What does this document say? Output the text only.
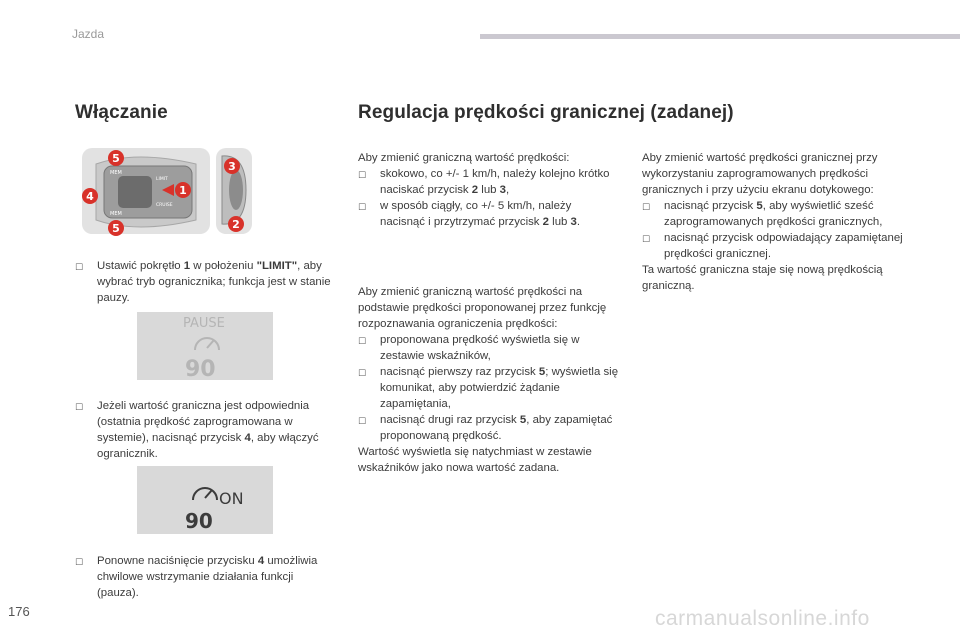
Jazda
Włączanie
MEM
MEM
LIMIT
CRUISE
5
4
5
1
3
2
☐	Ustawić pokrętło 1 w położeniu "LIMIT", aby wybrać tryb ogranicznika; funkcja jest w stanie pauzy.
PAUSE
90
☐	Jeżeli wartość graniczna jest odpowiednia (ostatnia prędkość zaprogramowana w systemie), nacisnąć przycisk 4, aby włączyć ogranicznik.
ON
90
☐	Ponowne naciśnięcie przycisku 4 umożliwia chwilowe wstrzymanie działania funkcji (pauza).
Regulacja prędkości granicznej (zadanej)

Aby zmienić graniczną wartość prędkości:

☐	skokowo, co +/- 1 km/h, należy kolejno krótko naciskać przycisk 2 lub 3,
☐	w sposób ciągły, co +/- 5 km/h, należy nacisnąć i przytrzymać przycisk 2 lub 3.

Aby zmienić graniczną wartość prędkości na podstawie prędkości proponowanej przez funkcję rozpoznawania ograniczenia prędkości:

☐	proponowana prędkość wyświetla się w zestawie wskaźników,
☐	nacisnąć pierwszy raz przycisk 5; wyświetla się komunikat, aby potwierdzić żądanie zapamiętania,
☐	nacisnąć drugi raz przycisk 5, aby zapamiętać proponowaną prędkość.

Wartość wyświetla się natychmiast w zestawie wskaźników jako nowa wartość zadana.

Aby zmienić wartość prędkości granicznej przy wykorzystaniu zaprogramowanych prędkości granicznych i przy użyciu ekranu dotykowego:

☐	nacisnąć przycisk 5, aby wyświetlić sześć zaprogramowanych prędkości granicznych,
☐	nacisnąć przycisk odpowiadający zapamiętanej prędkości granicznej.

Ta wartość graniczna staje się nową prędkością graniczną.

176	carmanualsonline.info
